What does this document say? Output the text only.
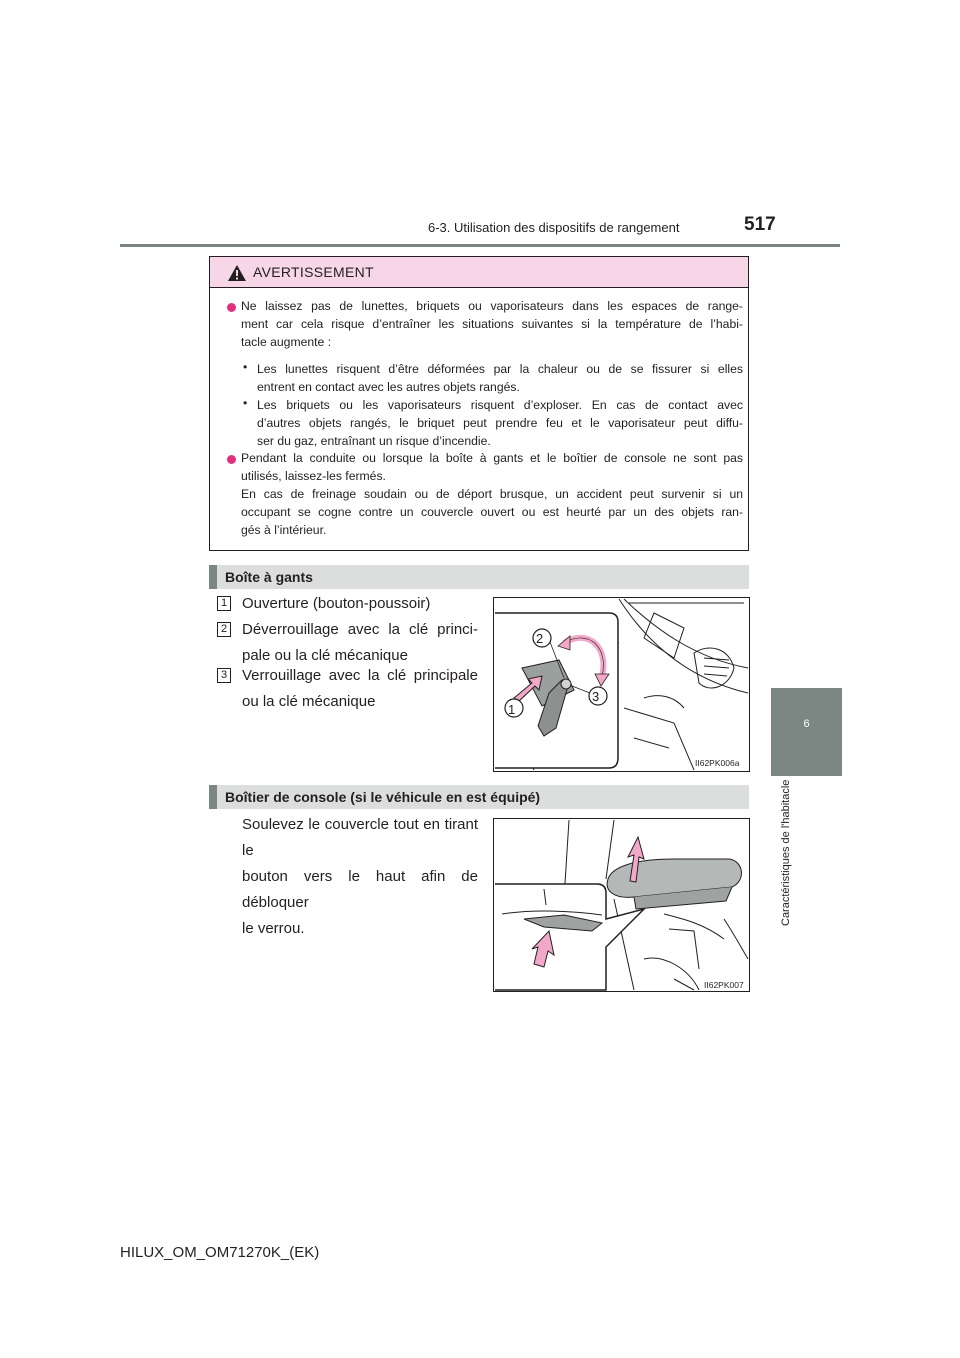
6-3. Utilisation des dispositifs de rangement	517
6
Caractéristiques de l'habitacle
AVERTISSEMENT
Ne laissez pas de lunettes, briquets ou vaporisateurs dans les espaces de range-
ment car cela risque d’entraîner les situations suivantes si la température de l’habi-
tacle augmente :
• Les lunettes risquent d’être déformées par la chaleur ou de se fissurer si elles
entrent en contact avec les autres objets rangés.
• Les briquets ou les vaporisateurs risquent d’exploser. En cas de contact avec
d’autres objets rangés, le briquet peut prendre feu et le vaporisateur peut diffu-
ser du gaz, entraînant un risque d’incendie.
Pendant la conduite ou lorsque la boîte à gants et le boîtier de console ne sont pas
utilisés, laissez-les fermés.
En cas de freinage soudain ou de déport brusque, un accident peut survenir si un
occupant se cogne contre un couvercle ouvert ou est heurté par un des objets ran-
gés à l’intérieur.
Boîte à gants
1 Ouverture (bouton-poussoir)
2 Déverrouillage avec la clé princi-
pale ou la clé mécanique
3 Verrouillage avec la clé principale
ou la clé mécanique	1
2
3
II62PK006a
Boîtier de console (si le véhicule en est équipé)
Soulevez le couvercle tout en tirant le
bouton vers le haut afin de débloquer
le verrou.
II62PK007
HILUX_OM_OM71270K_(EK)
